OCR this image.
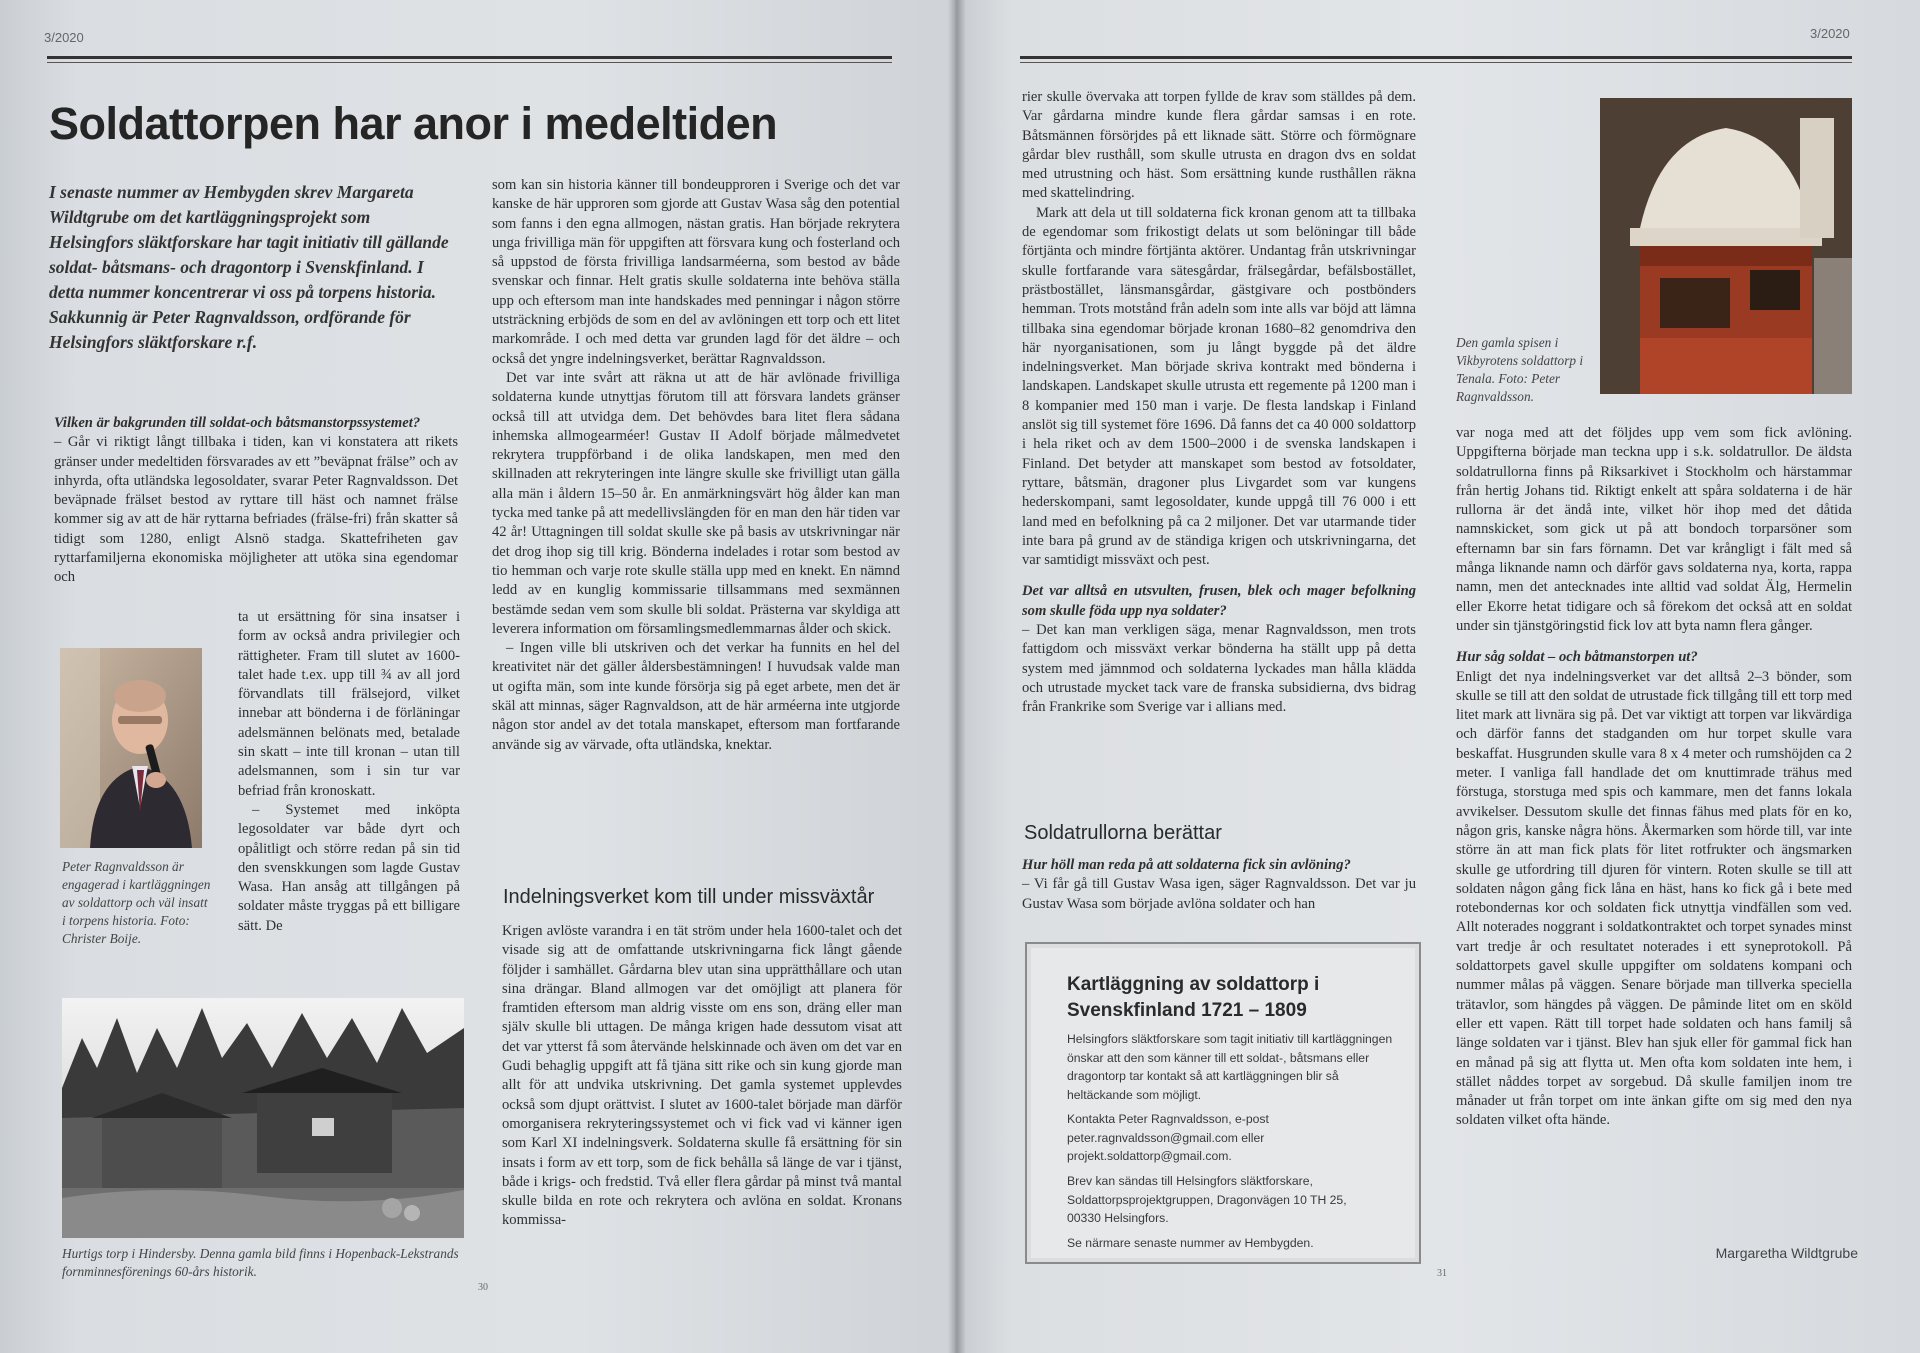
3/2020
Soldattorpen har anor i medeltiden
I senaste nummer av Hembygden skrev Margareta Wildtgrube om det kartläggningsprojekt som Helsingfors släktforskare har tagit initiativ till gällande soldat- båtsmans- och dragontorp i Svenskfinland. I detta nummer koncentrerar vi oss på torpens historia. Sakkunnig är Peter Ragnvaldsson, ordförande för Helsingfors släktforskare r.f.

Vilken är bakgrunden till soldat-och båtsmanstorpssystemet?

– Går vi riktigt långt tillbaka i tiden, kan vi konstatera att rikets gränser under medeltiden försvarades av ett ”beväpnat frälse” och av inhyrda, ofta utländska legosoldater, svarar Peter Ragnvaldsson. Det beväpnade frälset bestod av ryttare till häst och namnet frälse kommer sig av att de här ryttarna befriades (frälse-fri) från skatter så tidigt som 1280, enligt Alsnö stadga. Skattefriheten gav ryttarfamiljerna ekonomiska möjligheter att utöka sina egendomar och

ta ut ersättning för sina insatser i form av också andra privilegier och rättigheter. Fram till slutet av 1600-talet hade t.ex. upp till ¾ av all jord förvandlats till frälsejord, vilket innebar att bönderna i de förläningar adelsmännen belönats med, betalade sin skatt – inte till kronan – utan till adelsmannen, som i sin tur var befriad från kronoskatt.

– Systemet med inköpta legosoldater var både dyrt och opålitligt och större redan på sin tid den svenskkungen som lagde Gustav Wasa. Han ansåg att tillgången på soldater måste tryggas på ett billigare sätt. De

Peter Ragnvaldsson är engagerad i kartläggningen av soldattorp och väl insatt i torpens historia. Foto: Christer Boije.
Hurtigs torp i Hindersby. Denna gamla bild finns i Hopenback-Lekstrands fornminnesförenings 60-års historik.

som kan sin historia känner till bondeupproren i Sverige och det var kanske de här upproren som gjorde att Gustav Wasa såg den potential som fanns i den egna allmogen, nästan gratis. Han började rekrytera unga frivilliga män för uppgiften att försvara kung och fosterland och så uppstod de första frivilliga landsarméerna, som bestod av både svenskar och finnar. Helt gratis skulle soldaterna inte behöva ställa upp och eftersom man inte handskades med penningar i någon större utsträckning erbjöds de som en del av avlöningen ett torp och ett litet markområde. I och med detta var grunden lagd för det äldre – och också det yngre indelningsverket, berättar Ragnvaldsson.

Det var inte svårt att räkna ut att de här avlönade frivilliga soldaterna kunde utnyttjas förutom till att försvara landets gränser också till att utvidga dem. Det behövdes bara litet flera sådana inhemska allmogearméer! Gustav II Adolf började målmedvetet rekrytera truppförband i de olika landskapen, men med den skillnaden att rekryteringen inte längre skulle ske frivilligt utan gälla alla män i åldern 15–50 år. En anmärkningsvärt hög ålder kan man tycka med tanke på att medellivslängden för en man den här tiden var 42 år! Uttagningen till soldat skulle ske på basis av utskrivningar när det drog ihop sig till krig. Bönderna indelades i rotar som bestod av tio hemman och varje rote skulle ställa upp med en knekt. En nämnd ledd av en kunglig kommissarie tillsammans med sexmännen bestämde sedan vem som skulle bli soldat. Prästerna var skyldiga att leverera information om församlingsmedlemmarnas ålder och skick.

– Ingen ville bli utskriven och det verkar ha funnits en hel del kreativitet när det gäller åldersbestämningen! I huvudsak valde man ut ogifta män, som inte kunde försörja sig på eget arbete, men det är skäl att minnas, säger Ragnvaldson, att de här arméerna inte utgjorde någon stor andel av det totala manskapet, eftersom man fortfarande använde sig av värvade, ofta utländska, knektar.

Indelningsverket kom till under missväxtår

Krigen avlöste varandra i en tät ström under hela 1600-talet och det visade sig att de omfattande utskrivningarna fick långt gående följder i samhället. Gårdarna blev utan sina upprätthållare och utan sina drängar. Bland allmogen var det omöjligt att planera för framtiden eftersom man aldrig visste om ens son, dräng eller man själv skulle bli uttagen. De många krigen hade dessutom visat att det var ytterst få som återvände helskinnade och även om det var en Gudi behaglig uppgift att få tjäna sitt rike och sin kung gjorde man allt för att undvika utskrivning. Det gamla systemet upplevdes också som djupt orättvist. I slutet av 1600-talet började man därför omorganisera rekryteringssystemet och vi fick vad vi känner igen som Karl XI indelningsverk. Soldaterna skulle få ersättning för sin insats i form av ett torp, som de fick behålla så länge de var i tjänst, både i krigs- och fredstid. Två eller flera gårdar på minst två mantal skulle bilda en rote och rekrytera och avlöna en soldat. Kronans kommissa-

30
3/2020

rier skulle övervaka att torpen fyllde de krav som ställdes på dem. Var gårdarna mindre kunde flera gårdar samsas i en rote. Båtsmännen försörjdes på ett liknade sätt. Större och förmögnare gårdar blev rusthåll, som skulle utrusta en dragon dvs en soldat med utrustning och häst. Som ersättning kunde rusthållen räkna med skattelindring.

Mark att dela ut till soldaterna fick kronan genom att ta tillbaka de egendomar som frikostigt delats ut som belöningar till både förtjänta och mindre förtjänta aktörer. Undantag från utskrivningar skulle fortfarande vara sätesgårdar, frälsegårdar, befälsbostället, prästbostället, länsmansgårdar, gästgivare och postbönders hemman. Trots motstånd från adeln som inte alls var böjd att lämna tillbaka sina egendomar började kronan 1680–82 genomdriva den här nyorganisationen, som ju långt byggde på det äldre indelningsverket. Man började skriva kontrakt med bönderna i landskapen. Landskapet skulle utrusta ett regemente på 1200 man i 8 kompanier med 150 man i varje. De flesta landskap i Finland anslöt sig till systemet före 1696. Då fanns det ca 40 000 soldattorp i hela riket och av dem 1500–2000 i de svenska landskapen i Finland. Det betyder att manskapet som bestod av fotsoldater, ryttare, båtsmän, dragoner plus Livgardet som var kungens hederskompani, samt legosoldater, kunde uppgå till 76 000 i ett land med en befolkning på ca 2 miljoner. Det var utarmande tider inte bara på grund av de ständiga krigen och utskrivningarna, det var samtidigt missväxt och pest.

Det var alltså en utsvulten, frusen, blek och mager befolkning som skulle föda upp nya soldater?

– Det kan man verkligen säga, menar Ragnvaldsson, men trots fattigdom och missväxt verkar bönderna ha ställt upp på detta system med jämnmod och soldaterna lyckades man hålla klädda och utrustade mycket tack vare de franska subsidierna, dvs bidrag från Frankrike som Sverige var i allians med.

Soldatrullorna berättar

Hur höll man reda på att soldaterna fick sin avlöning?

– Vi får gå till Gustav Wasa igen, säger Ragnvaldsson. Det var ju Gustav Wasa som började avlöna soldater och han

Kartläggning av soldattorp i Svenskfinland 1721 – 1809
Helsingfors släktforskare som tagit initiativ till kartläggningen önskar att den som känner till ett soldat-, båtsmans eller dragontorp tar kontakt så att kartläggningen blir så heltäckande som möjligt.
Kontakta Peter Ragnvaldsson, e-post peter.ragnvaldsson@gmail.com eller projekt.soldattorp@gmail.com.
Brev kan sändas till Helsingfors släktforskare, Soldattorpsprojektgruppen, Dragonvägen 10 TH 25, 00330 Helsingfors.
Se närmare senaste nummer av Hembygden.
31
Den gamla spisen i Vikbyrotens soldattorp i Tenala. Foto: Peter Ragnvaldsson.

var noga med att det följdes upp vem som fick avlöning. Uppgifterna började man teckna upp i s.k. soldatrullor. De äldsta soldatrullorna finns på Riksarkivet i Stockholm och härstammar från hertig Johans tid. Riktigt enkelt att spåra soldaterna i de här rullorna är det ändå inte, vilket hör ihop med det dåtida namnskicket, som gick ut på att bondoch torparsöner som efternamn bar sin fars förnamn. Det var krångligt i fält med så många liknande namn och därför gavs soldaterna nya, korta, rappa namn, men det antecknades inte alltid vad soldat Älg, Hermelin eller Ekorre hetat tidigare och så förekom det också att en soldat under sin tjänstgöringstid fick lov att byta namn flera gånger.

Hur såg soldat – och båtmanstorpen ut?

Enligt det nya indelningsverket var det alltså 2–3 bönder, som skulle se till att den soldat de utrustade fick tillgång till ett torp med litet mark att livnära sig på. Det var viktigt att torpen var likvärdiga och därför fanns det stadganden om hur torpet skulle vara beskaffat. Husgrunden skulle vara 8 x 4 meter och rumshöjden ca 2 meter. I vanliga fall handlade det om knuttimrade trähus med förstuga, storstuga med spis och kammare, men det fanns lokala avvikelser. Dessutom skulle det finnas fähus med plats för en ko, någon gris, kanske några höns. Åkermarken som hörde till, var inte större än att man fick plats för litet rotfrukter och ängsmarken skulle ge utfordring till djuren för vintern. Roten skulle se till att soldaten någon gång fick låna en häst, hans ko fick gå i bete med rotebondernas kor och soldaten fick utnyttja vindfällen som ved. Allt noterades noggrant i soldatkontraktet och torpet synades minst vart tredje år och resultatet noterades i ett syneprotokoll. På soldattorpets gavel skulle uppgifter om soldatens kompani och nummer målas på väggen. Senare började man tillverka speciella trätavlor, som hängdes på väggen. De påminde litet om en sköld eller ett vapen. Rätt till torpet hade soldaten och hans familj så länge soldaten var i tjänst. Blev han sjuk eller för gammal fick han en månad på sig att flytta ut. Men ofta kom soldaten inte hem, i stället nåddes torpet av sorgebud. Då skulle familjen inom tre månader ut från torpet om inte änkan gifte om sig med den nya soldaten vilket ofta hände.

Margaretha Wildtgrube
